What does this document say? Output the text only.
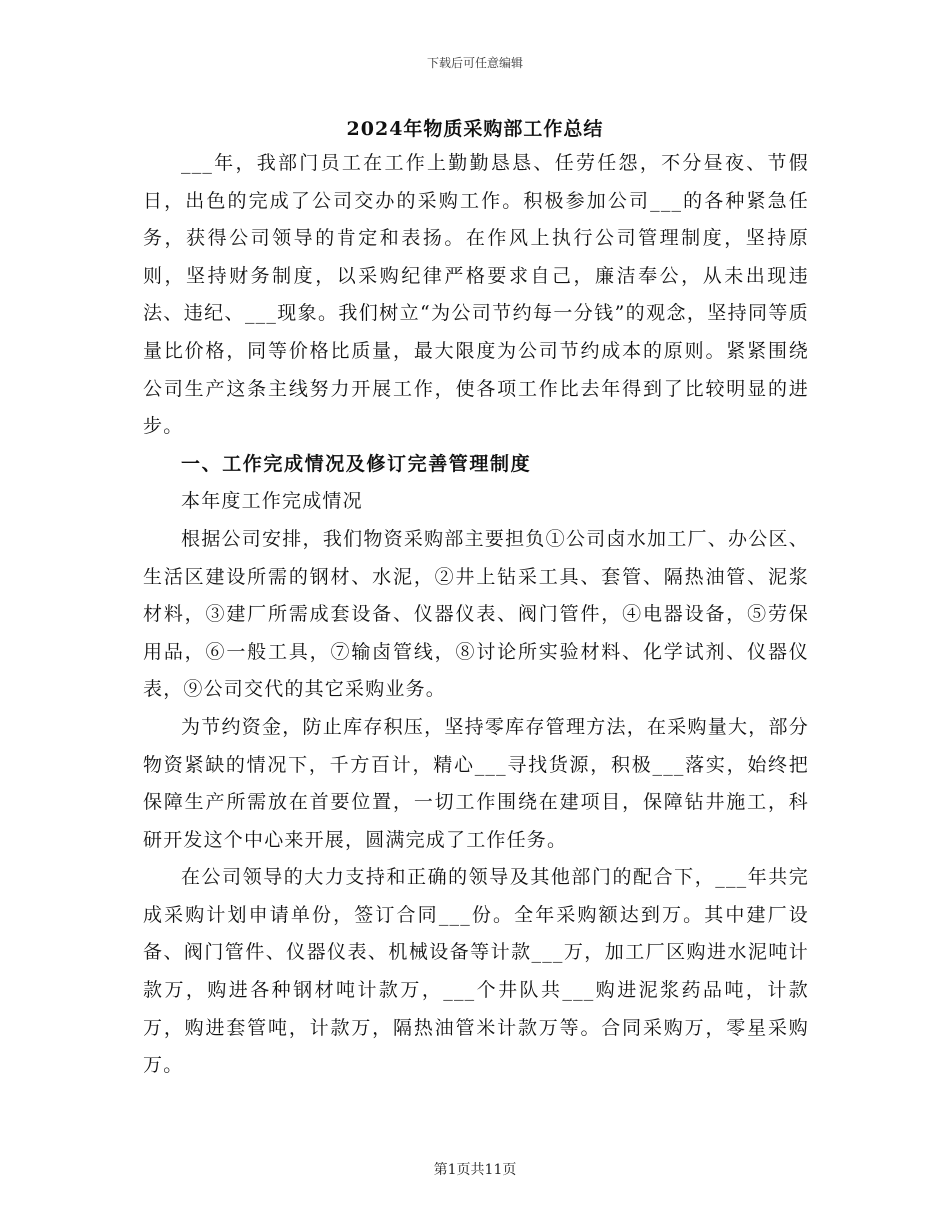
下载后可任意编辑
2024年物质采购部工作总结

___年，我部门员工在工作上勤勤恳恳、任劳任怨，不分昼夜、节假日，出色的完成了公司交办的采购工作。积极参加公司___的各种紧急任务，获得公司领导的肯定和表扬。在作风上执行公司管理制度，坚持原则，坚持财务制度，以采购纪律严格要求自己，廉洁奉公，从未出现违法、违纪、___现象。我们树立“为公司节约每一分钱”的观念，坚持同等质量比价格，同等价格比质量，最大限度为公司节约成本的原则。紧紧围绕公司生产这条主线努力开展工作，使各项工作比去年得到了比较明显的进步。

一、工作完成情况及修订完善管理制度

本年度工作完成情况

根据公司安排，我们物资采购部主要担负①公司卤水加工厂、办公区、生活区建设所需的钢材、水泥，②井上钻采工具、套管、隔热油管、泥浆材料，③建厂所需成套设备、仪器仪表、阀门管件，④电器设备，⑤劳保用品，⑥一般工具，⑦输卤管线，⑧讨论所实验材料、化学试剂、仪器仪表，⑨公司交代的其它采购业务。

为节约资金，防止库存积压，坚持零库存管理方法，在采购量大，部分物资紧缺的情况下，千方百计，精心___寻找货源，积极___落实，始终把保障生产所需放在首要位置，一切工作围绕在建项目，保障钻井施工，科研开发这个中心来开展，圆满完成了工作任务。

在公司领导的大力支持和正确的领导及其他部门的配合下，___年共完成采购计划申请单份，签订合同___份。全年采购额达到万。其中建厂设备、阀门管件、仪器仪表、机械设备等计款___万，加工厂区购进水泥吨计款万，购进各种钢材吨计款万，___个井队共___购进泥浆药品吨，计款万，购进套管吨，计款万，隔热油管米计款万等。合同采购万，零星采购万。

第1页共11页
